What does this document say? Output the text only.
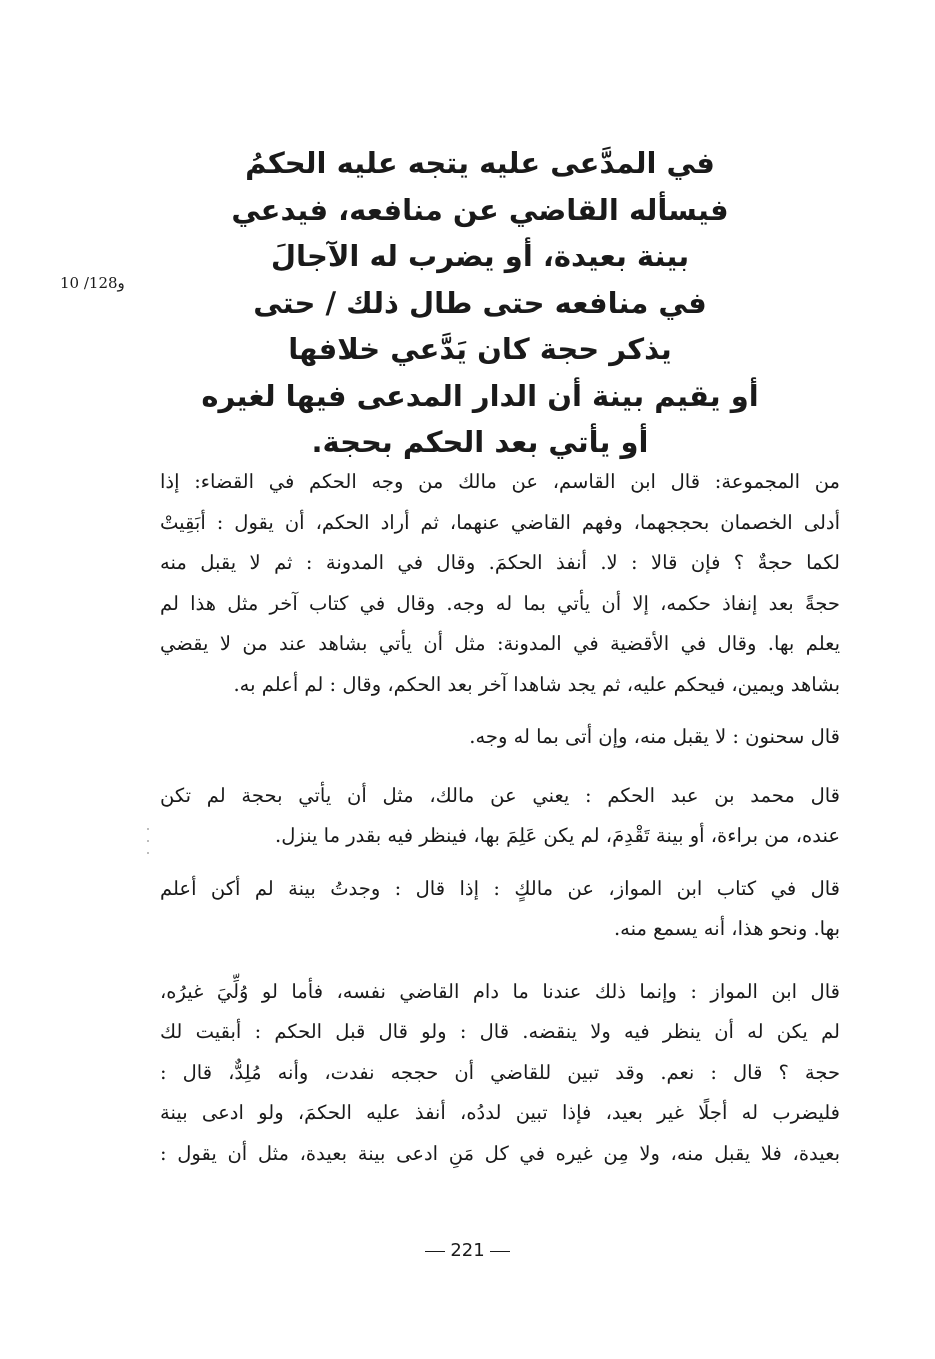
في المدَّعى عليه يتجه عليه الحكمُ
فيسأله القاضي عن منافعه، فيدعي
بينة بعيدة، أو يضرب له الآجالَ
في منافعه حتى طال ذلك / حتى
يذكر حجة كان يَدَّعي خلافها
أو يقيم بينة أن الدار المدعى فيها لغيره
أو يأتي بعد الحكم بحجة.
10 /128و
من المجموعة: قال ابن القاسم، عن مالك من وجه الحكم في القضاء: إذا
أدلى الخصمان بحججهما، وفهم القاضي عنهما، ثم أراد الحكم، أن يقول : أبَقِيتْ
لكما حجةٌ ؟ فإن قالا : لا. أنفذ الحكمَ. وقال في المدونة : ثم لا يقبل منه
حجةً بعد إنفاذ حكمه، إلا أن يأتي بما له وجه. وقال في كتاب آخر مثل هذا لم
يعلم بها. وقال في الأقضية في المدونة: مثل أن يأتي بشاهد عند من لا يقضي
بشاهد ويمين، فيحكم عليه، ثم يجد شاهدا آخر بعد الحكم، وقال : لم أعلم به.
قال سحنون : لا يقبل منه، وإن أتى بما له وجه.
قال محمد بن عبد الحكم : يعني عن مالك، مثل أن يأتي بحجة لم تكن
عنده، من براءة، أو بينة تَقْدِمَ، لم يكن عَلِمَ بها، فينظر فيه بقدر ما ينزل.
قال في كتاب ابن المواز، عن مالكٍ : إذا قال : وجدتُ بينة لم أكن أعلم
بها. ونحو هذا، أنه يسمع منه.
قال ابن المواز : وإنما ذلك عندنا ما دام القاضي نفسه، فأما لو وُلِّيَ غيرُه،
لم يكن له أن ينظر فيه ولا ينقضه. قال : ولو قال قبل الحكم : أبقيت لك
حجة ؟ قال : نعم. وقد تبين للقاضي أن حججه نفدت، وأنه مُلِدٌّ، قال :
فليضرب له أجلًا غير بعيد، فإذا تبين لددُه، أنفذ عليه الحكمَ، ولو ادعى بينة
بعيدة، فلا يقبل منه، ولا مِن غيره في كل مَنِ ادعى بينة بعيدة، مثل أن يقول :
221
